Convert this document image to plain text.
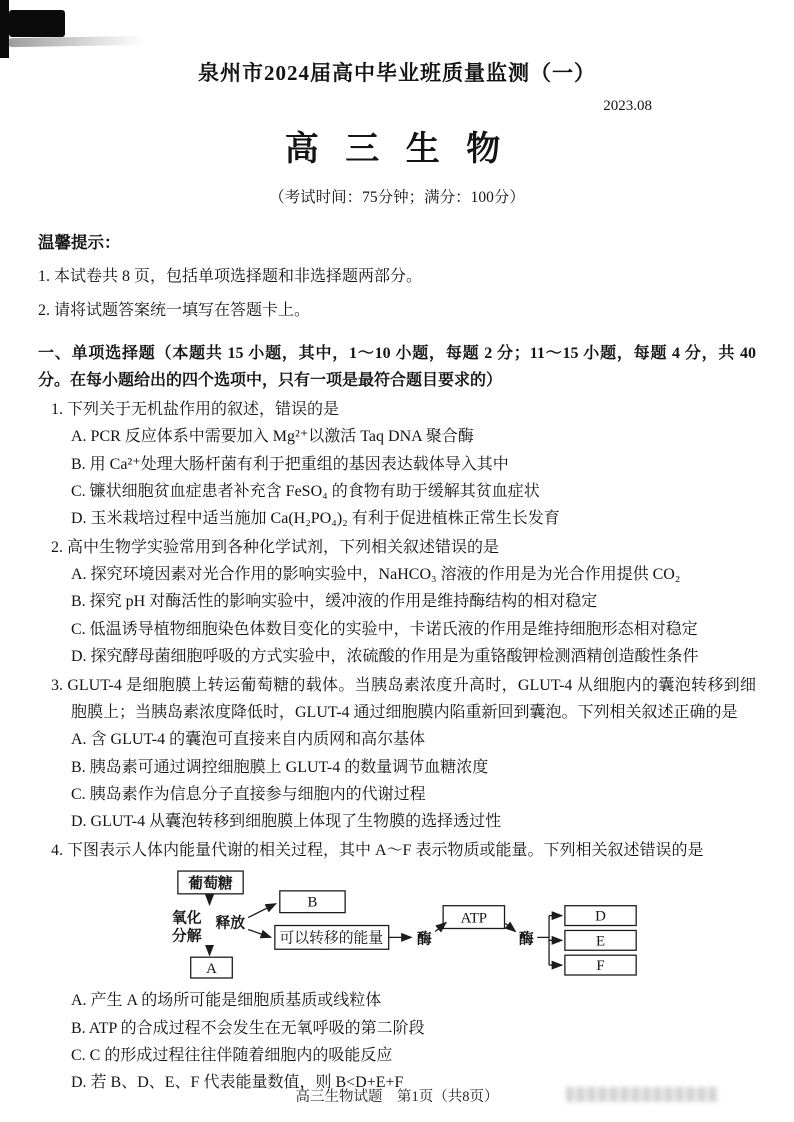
泉州市2024届高中毕业班质量监测（一）
2023.08
高 三 生 物
（考试时间：75分钟；满分：100分）
温馨提示：
1. 本试卷共 8 页，包括单项选择题和非选择题两部分。
2. 请将试题答案统一填写在答题卡上。
一、单项选择题（本题共 15 小题，其中，1～10 小题，每题 2 分；11～15 小题，每题 4 分，共 40 分。在每小题给出的四个选项中，只有一项是最符合题目要求的）
1. 下列关于无机盐作用的叙述，错误的是
A. PCR 反应体系中需要加入 Mg²⁺以激活 Taq DNA 聚合酶
B. 用 Ca²⁺处理大肠杆菌有利于把重组的基因表达载体导入其中
C. 镰状细胞贫血症患者补充含 FeSO₄ 的食物有助于缓解其贫血症状
D. 玉米栽培过程中适当施加 Ca(H₂PO₄)₂ 有利于促进植株正常生长发育
2. 高中生物学实验常用到各种化学试剂，下列相关叙述错误的是
A. 探究环境因素对光合作用的影响实验中，NaHCO₃ 溶液的作用是为光合作用提供 CO₂
B. 探究 pH 对酶活性的影响实验中，缓冲液的作用是维持酶结构的相对稳定
C. 低温诱导植物细胞染色体数目变化的实验中，卡诺氏液的作用是维持细胞形态相对稳定
D. 探究酵母菌细胞呼吸的方式实验中，浓硫酸的作用是为重铬酸钾检测酒精创造酸性条件
3. GLUT-4 是细胞膜上转运葡萄糖的载体。当胰岛素浓度升高时，GLUT-4 从细胞内的囊泡转移到细胞膜上；当胰岛素浓度降低时，GLUT-4 通过细胞膜内陷重新回到囊泡。下列相关叙述正确的是
A. 含 GLUT-4 的囊泡可直接来自内质网和高尔基体
B. 胰岛素可通过调控细胞膜上 GLUT-4 的数量调节血糖浓度
C. 胰岛素作为信息分子直接参与细胞内的代谢过程
D. GLUT-4 从囊泡转移到细胞膜上体现了生物膜的选择透过性
4. 下图表示人体内能量代谢的相关过程，其中 A～F 表示物质或能量。下列相关叙述错误的是
葡萄糖
氧化
分解
释放
B
可以转移的能量 酶
ATP
酶
D
E
F
A
A. 产生 A 的场所可能是细胞质基质或线粒体
B. ATP 的合成过程不会发生在无氧呼吸的第二阶段
C. C 的形成过程往往伴随着细胞内的吸能反应
D. 若 B、D、E、F 代表能量数值，则 B<D+E+F
高三生物试题　第1页（共8页）
